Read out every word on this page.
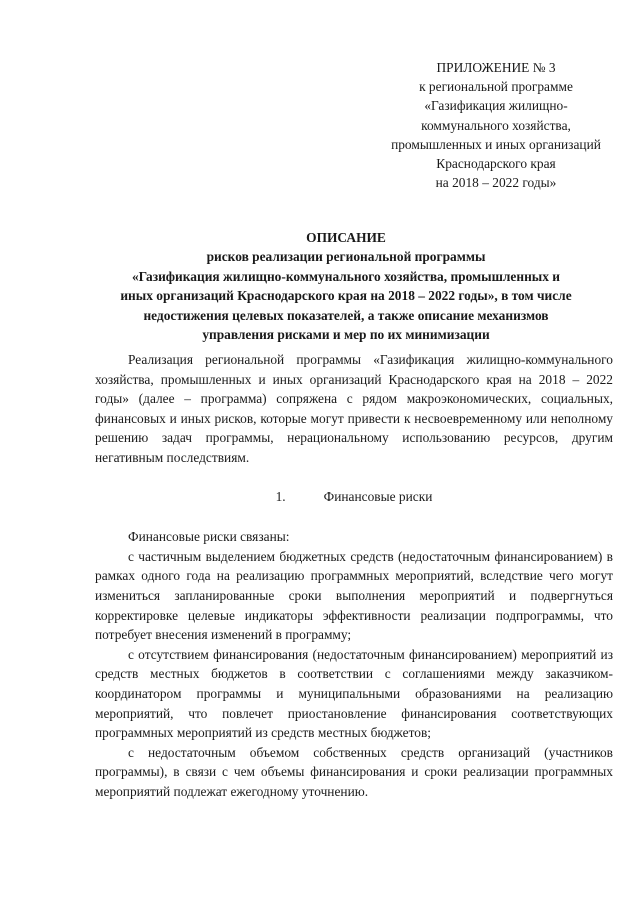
ПРИЛОЖЕНИЕ № 3
к региональной программе
«Газификация жилищно-
коммунального хозяйства,
промышленных и иных организаций
Краснодарского края
на 2018 – 2022 годы»
ОПИСАНИЕ
рисков реализации региональной программы
«Газификация жилищно-коммунального хозяйства, промышленных и
иных организаций Краснодарского края на 2018 – 2022 годы», в том числе
недостижения целевых показателей, а также описание механизмов
управления рисками и мер по их минимизации

Реализация региональной программы «Газификация жилищно-коммунального хозяйства, промышленных и иных организаций Краснодарского края на 2018 – 2022 годы» (далее – программа) сопряжена с рядом макроэкономических, социальных, финансовых и иных рисков, которые могут привести к несвоевременному или неполному решению задач программы, нерациональному использованию ресурсов, другим негативным последствиям.

1.	Финансовые риски

Финансовые риски связаны:

с частичным выделением бюджетных средств (недостаточным финансированием) в рамках одного года на реализацию программных мероприятий, вследствие чего могут измениться запланированные сроки выполнения мероприятий и подвергнуться корректировке целевые индикаторы эффективности реализации подпрограммы, что потребует внесения изменений в программу;

с отсутствием финансирования (недостаточным финансированием) мероприятий из средств местных бюджетов в соответствии с соглашениями между заказчиком-координатором программы и муниципальными образованиями на реализацию мероприятий, что повлечет приостановление финансирования соответствующих программных мероприятий из средств местных бюджетов;

с недостаточным объемом собственных средств организаций (участников программы), в связи с чем объемы финансирования и сроки реализации программных мероприятий подлежат ежегодному уточнению.
